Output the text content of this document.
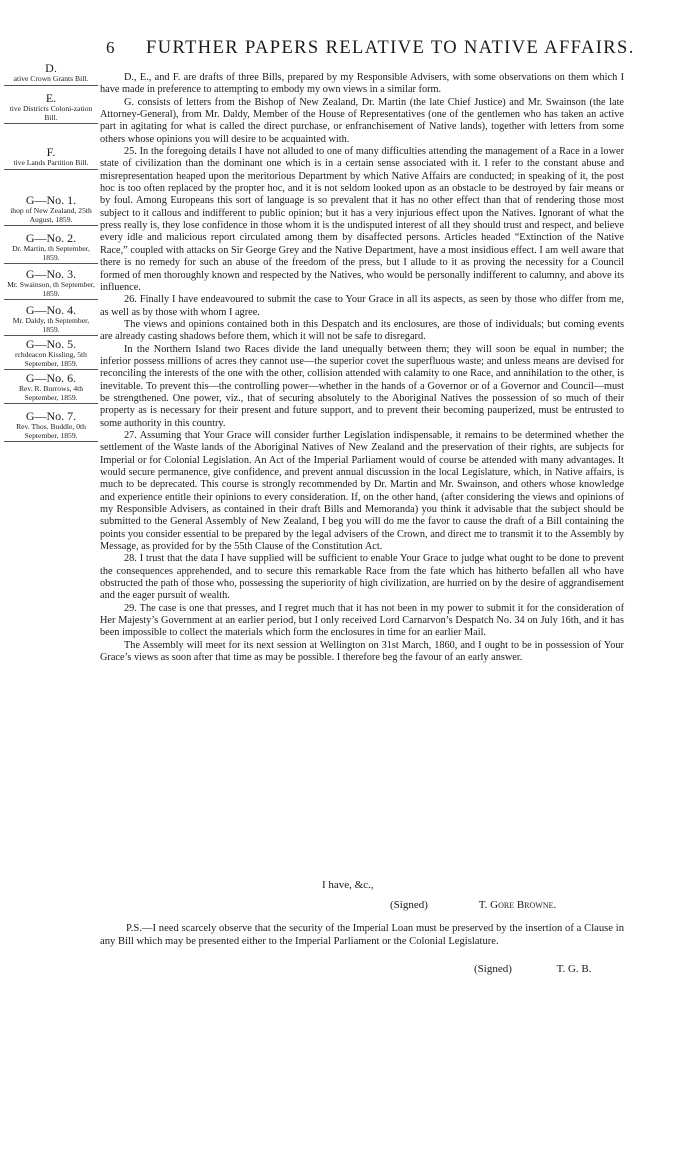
6 FURTHER PAPERS RELATIVE TO NATIVE AFFAIRS.
D.
ative Crown Grants Bill.
E.
tive Districts Coloni-zation Bill.
F.
tive Lands Partition Bill.
G—No. 1.
ihop of New Zealand, 25th August, 1859.
G—No. 2.
Dr. Martin, th September, 1859.
G—No. 3.
Mr. Swainson, th September, 1859.
G—No. 4.
Mr. Daldy, th September, 1859.
G—No. 5.
rchdeacon Kissling, 5th September, 1859.
G—No. 6.
Rev. R. Burrows, 4th September, 1859.
G—No. 7.
Rev. Thos. Buddle, 0th September, 1859.

D., E., and F. are drafts of three Bills, prepared by my Responsible Advisers, with some observations on them which I have made in preference to attempting to embody my own views in a similar form.

G. consists of letters from the Bishop of New Zealand, Dr. Martin (the late Chief Justice) and Mr. Swainson (the late Attorney-General), from Mr. Daldy, Member of the House of Representatives (one of the gentlemen who has taken an active part in agitating for what is called the direct purchase, or enfranchisement of Native lands), together with letters from some others whose opinions you will desire to be acquainted with.

25. In the foregoing details I have not alluded to one of many difficulties attending the management of a Race in a lower state of civilization than the dominant one which is in a certain sense associated with it. I refer to the constant abuse and misrepresentation heaped upon the meritorious Department by which Native Affairs are conducted; in speaking of it, the post hoc is too often replaced by the propter hoc, and it is not seldom looked upon as an obstacle to be destroyed by fair means or by foul. Among Europeans this sort of language is so prevalent that it has no other effect than that of rendering those most subject to it callous and indifferent to public opinion; but it has a very injurious effect upon the Natives. Ignorant of what the press really is, they lose confidence in those whom it is the undisputed interest of all they should trust and respect, and believe every idle and malicious report circulated among them by disaffected persons. Articles headed “Extinction of the Native Race,” coupled with attacks on Sir George Grey and the Native Department, have a most insidious effect. I am well aware that there is no remedy for such an abuse of the freedom of the press, but I allude to it as proving the necessity for a Council formed of men thoroughly known and respected by the Natives, who would be personally indifferent to calumny, and above its influence.

26. Finally I have endeavoured to submit the case to Your Grace in all its aspects, as seen by those who differ from me, as well as by those with whom I agree.

The views and opinions contained both in this Despatch and its enclosures, are those of individuals; but coming events are already casting shadows before them, which it will not be safe to disregard.

In the Northern Island two Races divide the land unequally between them; they will soon be equal in number; the inferior possess millions of acres they cannot use—the superior covet the superfluous waste; and unless means are devised for reconciling the interests of the one with the other, collision attended with calamity to one Race, and annihilation to the other, is inevitable. To prevent this—the controlling power—whether in the hands of a Governor or of a Governor and Council—must be strengthened. One power, viz., that of securing absolutely to the Aboriginal Natives the possession of so much of their property as is necessary for their present and future support, and to prevent their becoming pauperized, must be entrusted to some authority in this country.

27. Assuming that Your Grace will consider further Legislation indispensable, it remains to be determined whether the settlement of the Waste lands of the Aboriginal Natives of New Zealand and the preservation of their rights, are subjects for Imperial or for Colonial Legislation. An Act of the Imperial Parliament would of course be attended with many advantages. It would secure permanence, give confidence, and prevent annual discussion in the local Legislature, which, in Native affairs, is much to be deprecated. This course is strongly recommended by Dr. Martin and Mr. Swainson, and others whose knowledge and experience entitle their opinions to every consideration. If, on the other hand, (after considering the views and opinions of my Responsible Advisers, as contained in their draft Bills and Memoranda) you think it advisable that the subject should be submitted to the General Assembly of New Zealand, I beg you will do me the favor to cause the draft of a Bill containing the points you consider essential to be prepared by the legal advisers of the Crown, and direct me to transmit it to the Assembly by Message, as provided for by the 55th Clause of the Constitution Act.

28. I trust that the data I have supplied will be sufficient to enable Your Grace to judge what ought to be done to prevent the consequences apprehended, and to secure this remarkable Race from the fate which has hitherto befallen all who have obstructed the path of those who, possessing the superiority of high civilization, are hurried on by the desire of aggrandisement and the eager pursuit of wealth.

29. The case is one that presses, and I regret much that it has not been in my power to submit it for the consideration of Her Majesty’s Government at an earlier period, but I only received Lord Carnarvon’s Despatch No. 34 on July 16th, and it has been impossible to collect the materials which form the enclosures in time for an earlier Mail.

The Assembly will meet for its next session at Wellington on 31st March, 1860, and I ought to be in possession of Your Grace’s views as soon after that time as may be possible. I therefore beg the favour of an early answer.

I have, &c.,
(Signed)	T. Gore Browne.

P.S.—I need scarcely observe that the security of the Imperial Loan must be preserved by the insertion of a Clause in any Bill which may be presented either to the Imperial Parliament or the Colonial Legislature.

(Signed)	T. G. B.
